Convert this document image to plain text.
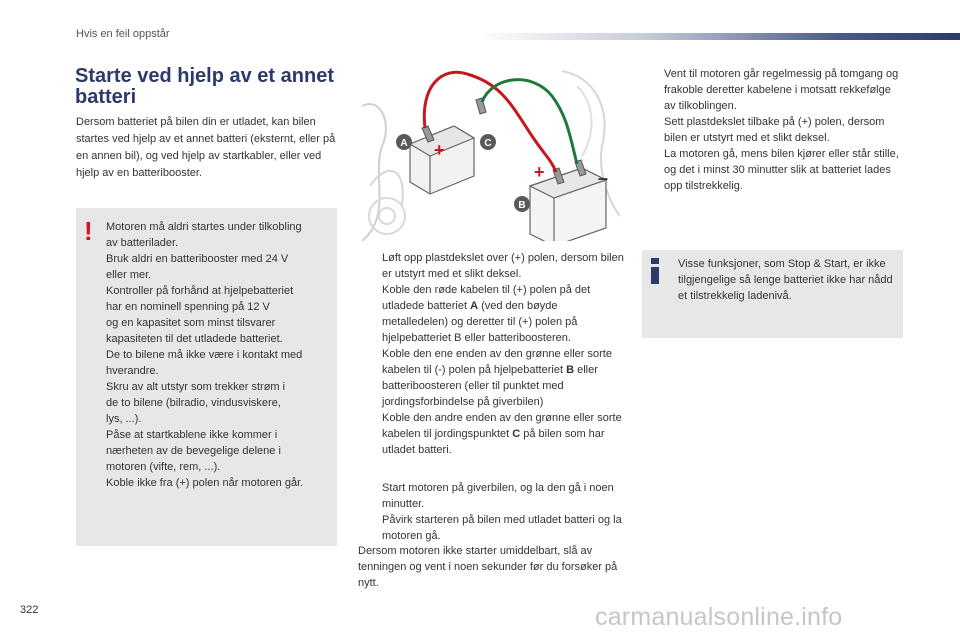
Hvis en feil oppstår
Starte ved hjelp av et annet
batteri
Dersom batteriet på bilen din er utladet, kan bilen startes ved hjelp av et annet batteri (eksternt, eller på en annen bil), og ved hjelp av startkabler, eller ved hjelp av en batteribooster.
! Motoren må aldri startes under tilkobling
av batterilader.
Bruk aldri en batteribooster med 24 V
eller mer.
Kontroller på forhånd at hjelpebatteriet
har en nominell spenning på 12 V
og en kapasitet som minst tilsvarer
kapasiteten til det utladede batteriet.
De to bilene må ikke være i kontakt med
hverandre.
Skru av alt utstyr som trekker strøm i
de to bilene (bilradio, vindusviskere,
lys, ...).
Påse at startkablene ikke kommer i
nærheten av de bevegelige delene i
motoren (vifte, rem, ...).
Koble ikke fra (+) polen når motoren går.
+
+	–
A	C
B
Løft opp plastdekslet over (+) polen, dersom bilen er utstyrt med et slikt deksel.
Koble den røde kabelen til (+) polen på det utladede batteriet A (ved den bøyde metalledelen) og deretter til (+) polen på hjelpebatteriet B eller batteriboosteren.
Koble den ene enden av den grønne eller sorte kabelen til (-) polen på hjelpebatteriet B eller batteriboosteren (eller til punktet med jordingsforbindelse på giverbilen)
Koble den andre enden av den grønne eller sorte kabelen til jordingspunktet C på bilen som har utladet batteri.
Start motoren på giverbilen, og la den gå i noen minutter.
Påvirk starteren på bilen med utladet batteri og la motoren gå.
Dersom motoren ikke starter umiddelbart, slå av tenningen og vent i noen sekunder før du forsøker på nytt.
Vent til motoren går regelmessig på tomgang og frakoble deretter kabelene i motsatt rekkefølge av tilkoblingen.
Sett plastdekslet tilbake på (+) polen, dersom bilen er utstyrt med et slikt deksel.
La motoren gå, mens bilen kjører eller står stille, og det i minst 30 minutter slik at batteriet lades opp tilstrekkelig.
Visse funksjoner, som Stop & Start, er ikke tilgjengelige så lenge batteriet ikke har nådd et tilstrekkelig ladenivå.
322	carmanualsonline.info
